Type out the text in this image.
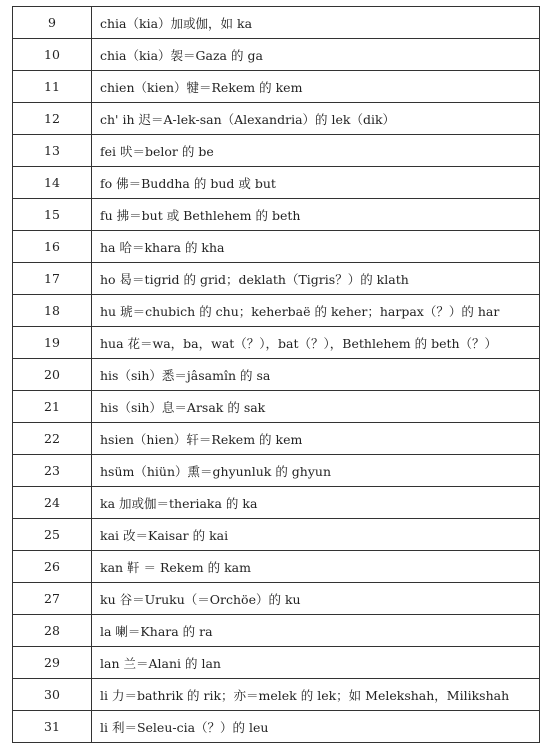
9	chia（kia）加或伽，如 ka
10	chia（kia）袈＝Gaza 的 ga
11	chien（kien）犍＝Rekem 的 kem
12	ch' ih 迟＝A-lek-san（Alexandria）的 lek（dik）
13	fei 吠＝belor 的 be
14	fo 佛＝Buddha 的 bud 或 but
15	fu 拂＝but 或 Bethlehem 的 beth
16	ha 哈＝khara 的 kha
17	ho 曷＝tigrid 的 grid；deklath（Tigris？）的 klath
18	hu 琥＝chubich 的 chu；keherbaë 的 keher；harpax（？）的 har
19	hua 花＝wa，ba，wat（？），bat（？），Bethlehem 的 beth（？）
20	his（sih）悉＝jâsamîn 的 sa
21	his（sih）息＝Arsak 的 sak
22	hsien（hien）轩＝Rekem 的 kem
23	hsüm（hiün）熏＝ghyunluk 的 ghyun
24	ka 加或伽＝theriaka 的 ka
25	kai 改＝Kaisar 的 kai
26	kan 靬 ＝ Rekem 的 kam
27	ku 谷＝Uruku（＝Orchöe）的 ku
28	la 喇＝Khara 的 ra
29	lan 兰＝Alani 的 lan
30	li 力＝bathrik 的 rik；亦＝melek 的 lek；如 Melekshah，Milikshah
31	li 利＝Seleu-cia（？）的 leu
